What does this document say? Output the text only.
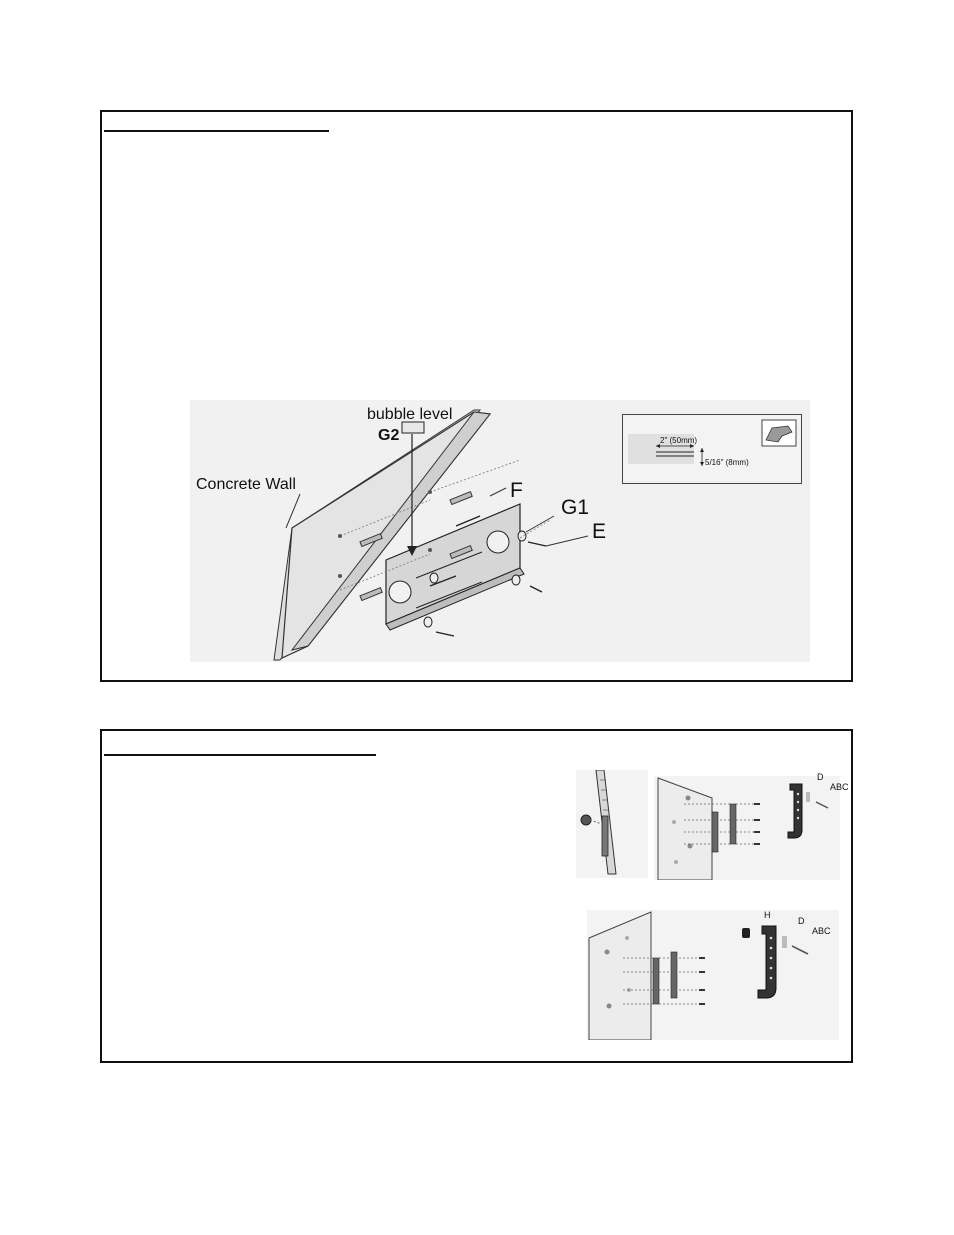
bubble level
G2
Concrete Wall	F
G1
E
2" (50mm)
5/16" (8mm)
D
ABC
H
D
ABC
